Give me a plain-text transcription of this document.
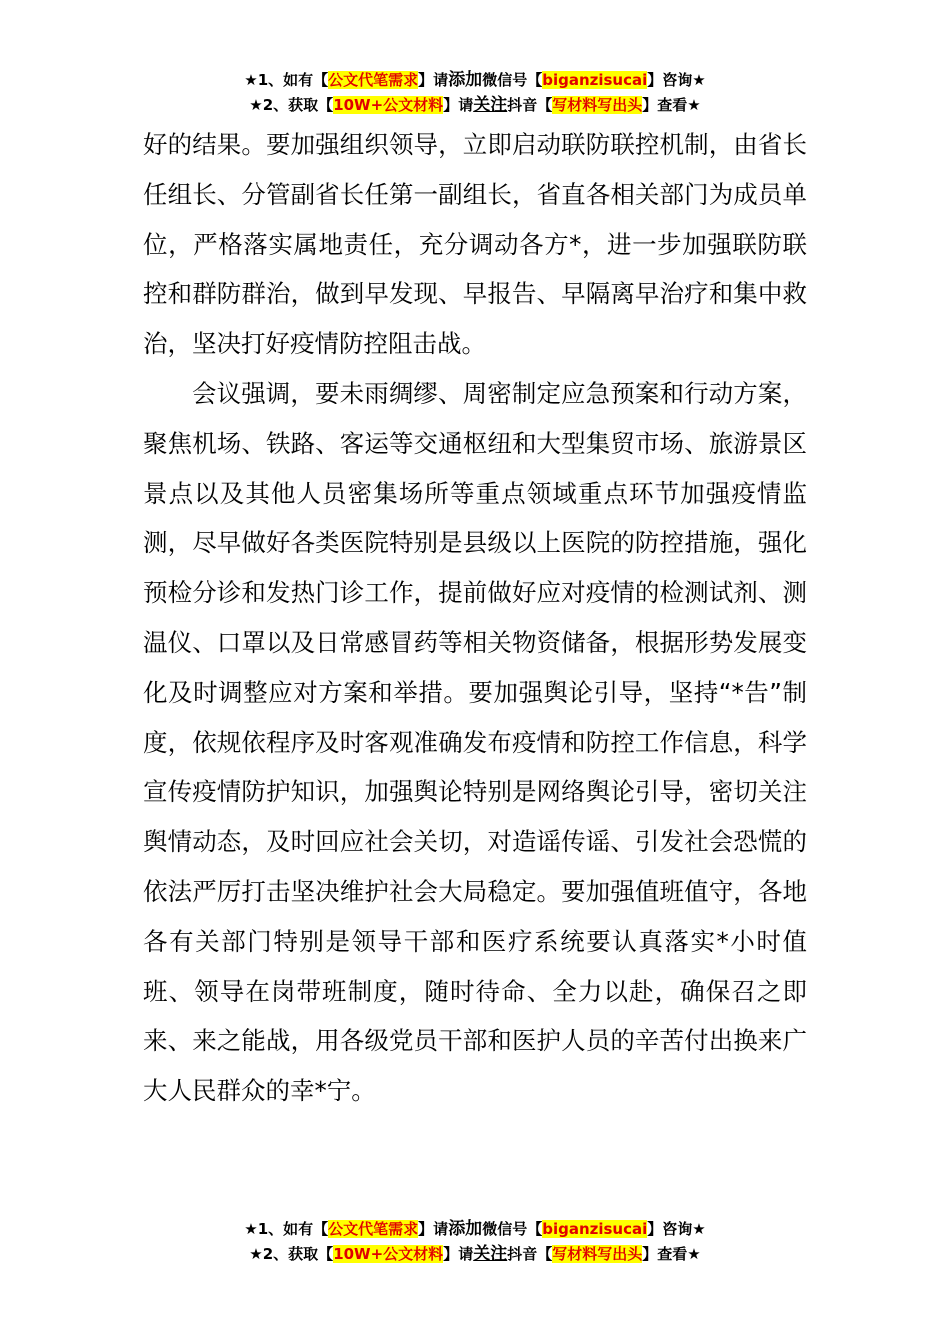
★1、如有【公文代笔需求】请添加微信号【biganzisucai】咨询★
★2、获取【10W+公文材料】请关注抖音【写材料写出头】查看★

好的结果。要加强组织领导，立即启动联防联控机制，由省长任组长、分管副省长任第一副组长，省直各相关部门为成员单位，严格落实属地责任，充分调动各方*，进一步加强联防联控和群防群治，做到早发现、早报告、早隔离早治疗和集中救治，坚决打好疫情防控阻击战。

会议强调，要未雨绸缪、周密制定应急预案和行动方案，聚焦机场、铁路、客运等交通枢纽和大型集贸市场、旅游景区景点以及其他人员密集场所等重点领域重点环节加强疫情监测，尽早做好各类医院特别是县级以上医院的防控措施，强化预检分诊和发热门诊工作，提前做好应对疫情的检测试剂、测温仪、口罩以及日常感冒药等相关物资储备，根据形势发展变化及时调整应对方案和举措。要加强舆论引导，坚持“*告”制度，依规依程序及时客观准确发布疫情和防控工作信息，科学宣传疫情防护知识，加强舆论特别是网络舆论引导，密切关注舆情动态，及时回应社会关切，对造谣传谣、引发社会恐慌的依法严厉打击坚决维护社会大局稳定。要加强值班值守，各地各有关部门特别是领导干部和医疗系统要认真落实*小时值班、领导在岗带班制度，随时待命、全力以赴，确保召之即来、来之能战，用各级党员干部和医护人员的辛苦付出换来广大人民群众的幸*宁。

★1、如有【公文代笔需求】请添加微信号【biganzisucai】咨询★
★2、获取【10W+公文材料】请关注抖音【写材料写出头】查看★
